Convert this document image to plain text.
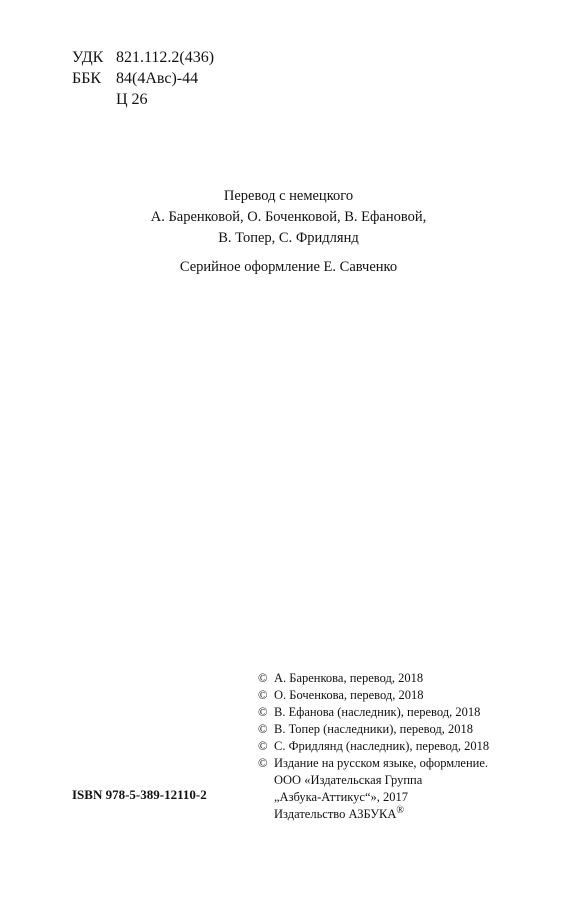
УДК 821.112.2(436)
ББК 84(4Авс)-44
Ц 26
Перевод с немецкого
А. Баренковой, О. Боченковой, В. Ефановой,
В. Топер, С. Фридлянд
Серийное оформление Е. Савченко
© А. Баренкова, перевод, 2018
© О. Боченкова, перевод, 2018
© В. Ефанова (наследник), перевод, 2018
© В. Топер (наследники), перевод, 2018
© С. Фридлянд (наследник), перевод, 2018
© Издание на русском языке, оформление.
ООО «Издательская Группа
„Азбука-Аттикус“», 2017
Издательство АЗБУКА®
ISBN 978-5-389-12110-2
